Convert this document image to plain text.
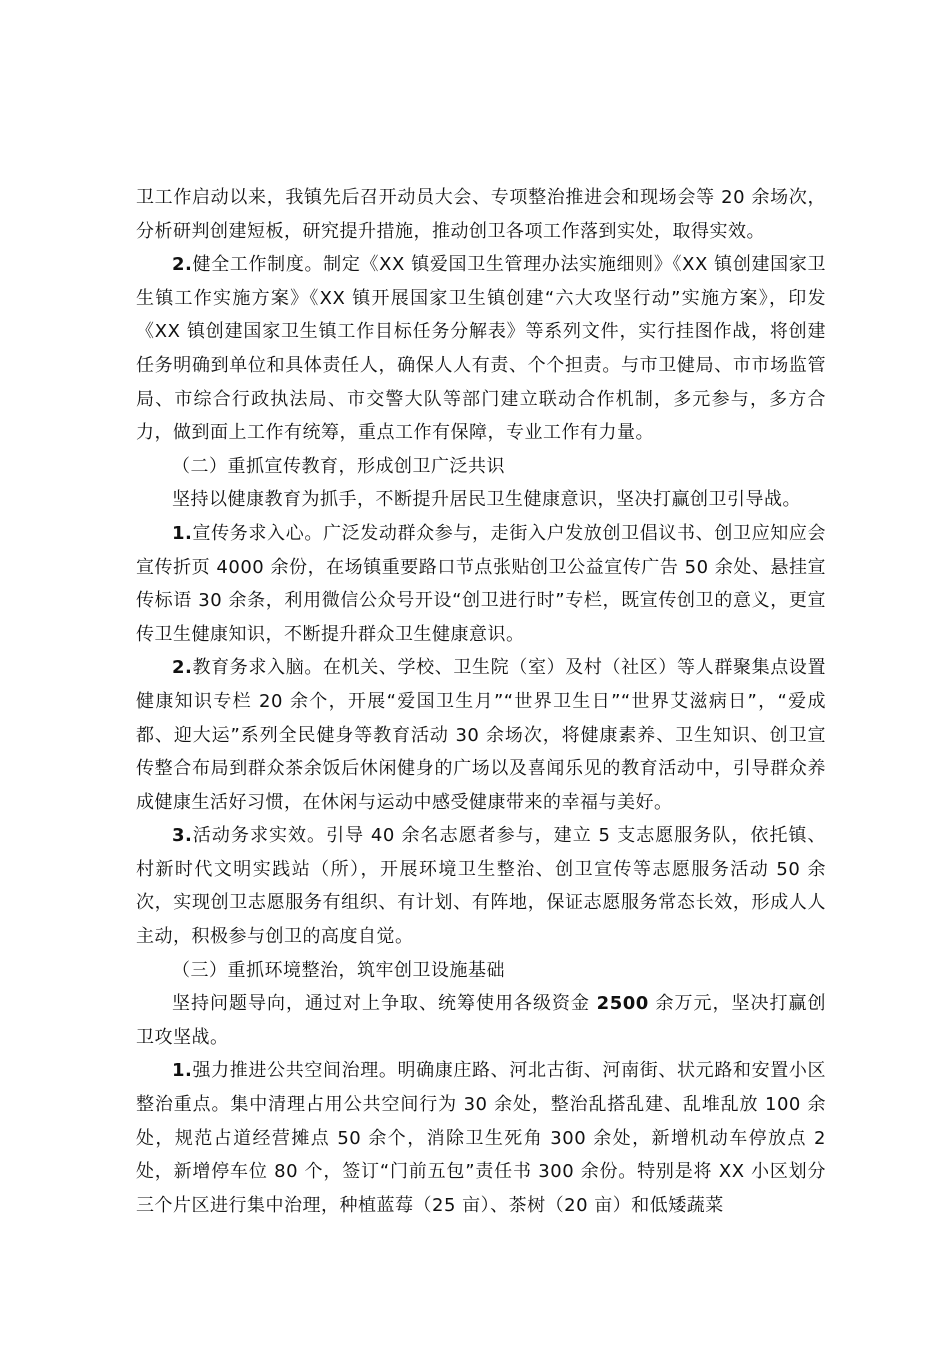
卫工作启动以来，我镇先后召开动员大会、专项整治推进会和现场会等 20 余场次，分析研判创建短板，研究提升措施，推动创卫各项工作落到实处，取得实效。

2.健全工作制度。制定《XX 镇爱国卫生管理办法实施细则》《XX 镇创建国家卫生镇工作实施方案》《XX 镇开展国家卫生镇创建“六大攻坚行动”实施方案》，印发《XX 镇创建国家卫生镇工作目标任务分解表》等系列文件，实行挂图作战，将创建任务明确到单位和具体责任人，确保人人有责、个个担责。与市卫健局、市市场监管局、市综合行政执法局、市交警大队等部门建立联动合作机制，多元参与，多方合力，做到面上工作有统筹，重点工作有保障，专业工作有力量。

（二）重抓宣传教育，形成创卫广泛共识

坚持以健康教育为抓手，不断提升居民卫生健康意识，坚决打赢创卫引导战。

1.宣传务求入心。广泛发动群众参与，走街入户发放创卫倡议书、创卫应知应会宣传折页 4000 余份，在场镇重要路口节点张贴创卫公益宣传广告 50 余处、悬挂宣传标语 30 余条，利用微信公众号开设“创卫进行时”专栏，既宣传创卫的意义，更宣传卫生健康知识，不断提升群众卫生健康意识。

2.教育务求入脑。在机关、学校、卫生院（室）及村（社区）等人群聚集点设置健康知识专栏 20 余个，开展“爱国卫生月”“世界卫生日”“世界艾滋病日”，“爱成都、迎大运”系列全民健身等教育活动 30 余场次，将健康素养、卫生知识、创卫宣传整合布局到群众茶余饭后休闲健身的广场以及喜闻乐见的教育活动中，引导群众养成健康生活好习惯，在休闲与运动中感受健康带来的幸福与美好。

3.活动务求实效。引导 40 余名志愿者参与，建立 5 支志愿服务队，依托镇、村新时代文明实践站（所），开展环境卫生整治、创卫宣传等志愿服务活动 50 余次，实现创卫志愿服务有组织、有计划、有阵地，保证志愿服务常态长效，形成人人主动，积极参与创卫的高度自觉。

（三）重抓环境整治，筑牢创卫设施基础

坚持问题导向，通过对上争取、统筹使用各级资金 2500 余万元，坚决打赢创卫攻坚战。

1.强力推进公共空间治理。明确康庄路、河北古街、河南街、状元路和安置小区整治重点。集中清理占用公共空间行为 30 余处，整治乱搭乱建、乱堆乱放 100 余处，规范占道经营摊点 50 余个，消除卫生死角 300 余处，新增机动车停放点 2 处，新增停车位 80 个，签订“门前五包”责任书 300 余份。特别是将 XX 小区划分三个片区进行集中治理，种植蓝莓（25 亩）、茶树（20 亩）和低矮蔬菜
